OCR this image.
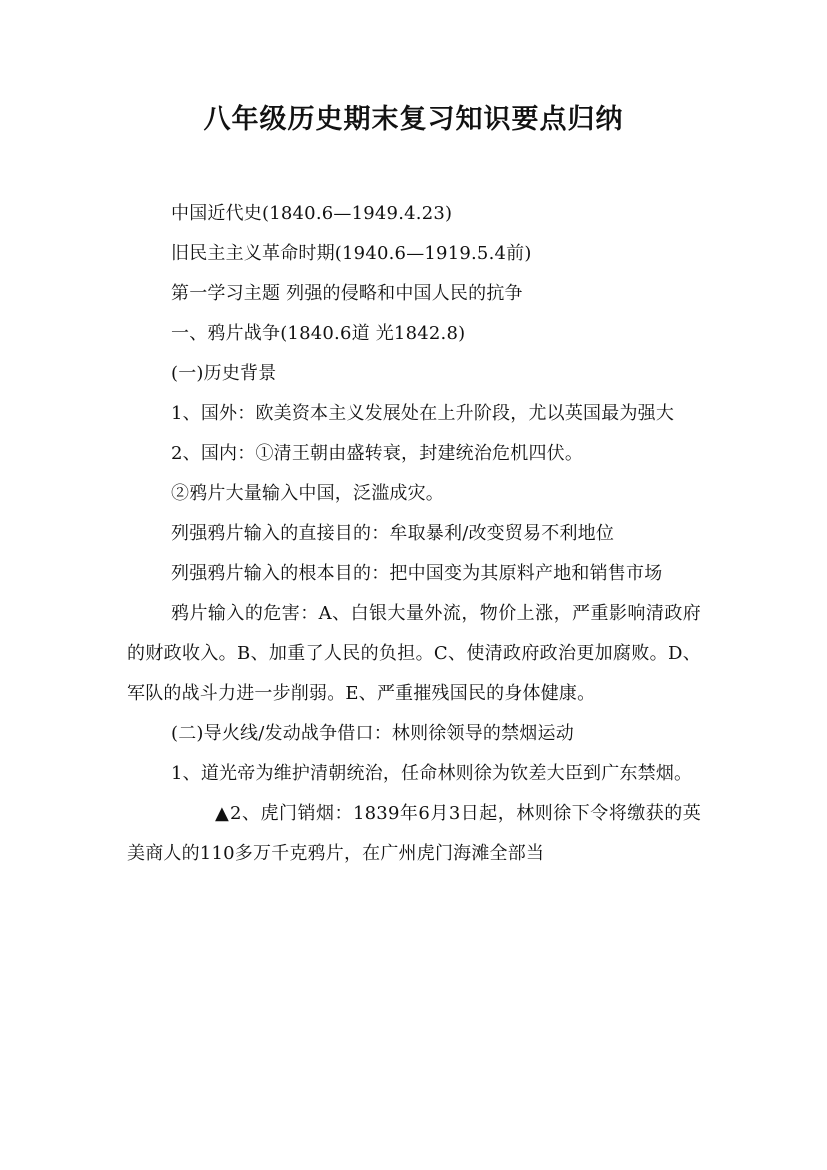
八年级历史期末复习知识要点归纳

中国近代史(1840.6—1949.4.23)

旧民主主义革命时期(1940.6—1919.5.4前)

第一学习主题 列强的侵略和中国人民的抗争

一、鸦片战争(1840.6道 光1842.8)

(一)历史背景

1、国外：欧美资本主义发展处在上升阶段，尤以英国最为强大

2、国内：①清王朝由盛转衰，封建统治危机四伏。

②鸦片大量输入中国，泛滥成灾。

列强鸦片输入的直接目的：牟取暴利/改变贸易不利地位

列强鸦片输入的根本目的：把中国变为其原料产地和销售市场

鸦片输入的危害：A、白银大量外流，物价上涨，严重影响清政府的财政收入。B、加重了人民的负担。C、使清政府政治更加腐败。D、军队的战斗力进一步削弱。E、严重摧残国民的身体健康。

(二)导火线/发动战争借口：林则徐领导的禁烟运动

1、道光帝为维护清朝统治，任命林则徐为钦差大臣到广东禁烟。

▲2、虎门销烟：1839年6月3日起，林则徐下令将缴获的英美商人的110多万千克鸦片，在广州虎门海滩全部当
